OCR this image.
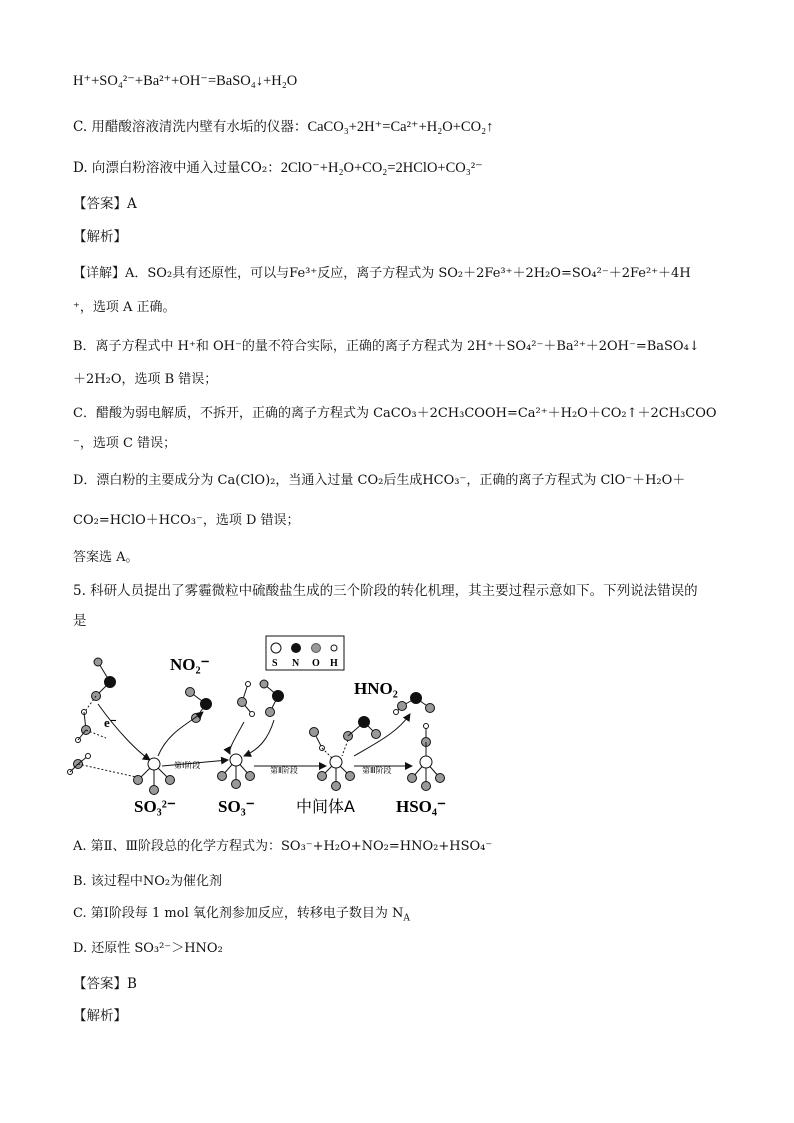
H⁺+SO₄²⁻+Ba²⁺+OH⁻=BaSO₄↓+H₂O
C. 用醋酸溶液清洗内壁有水垢的仪器：CaCO₃+2H⁺=Ca²⁺+H₂O+CO₂↑
D. 向漂白粉溶液中通入过量CO₂：2ClO⁻+H₂O+CO₂=2HClO+CO₃²⁻
【答案】A
【解析】
【详解】A．SO₂具有还原性，可以与Fe³⁺反应，离子方程式为 SO₂＋2Fe³⁺＋2H₂O=SO₄²⁻＋2Fe²⁺＋4H
⁺，选项 A 正确。
B．离子方程式中 H⁺和 OH⁻的量不符合实际，正确的离子方程式为 2H⁺＋SO₄²⁻＋Ba²⁺＋2OH⁻=BaSO₄↓
＋2H₂O，选项 B 错误；
C．醋酸为弱电解质，不拆开，正确的离子方程式为 CaCO₃＋2CH₃COOH=Ca²⁺＋H₂O＋CO₂↑＋2CH₃COO
⁻，选项 C 错误；
D．漂白粉的主要成分为 Ca(ClO)₂，当通入过量 CO₂后生成HCO₃⁻，正确的离子方程式为 ClO⁻＋H₂O＋
CO₂=HClO＋HCO₃⁻，选项 D 错误；
答案选 A。
5. 科研人员提出了雾霾微粒中硫酸盐生成的三个阶段的转化机理，其主要过程示意如下。下列说法错误的
是
S N O H
e⁻
NO₂⁻
第Ⅰ阶段
第Ⅱ阶段
HNO₂
第Ⅲ阶段
SO₃²⁻ SO₃⁻	中间体A HSO₄⁻
A. 第Ⅱ、Ⅲ阶段总的化学方程式为：SO₃⁻+H₂O+NO₂=HNO₂+HSO₄⁻
B. 该过程中NO₂为催化剂
C. 第Ⅰ阶段每 1 mol 氧化剂参加反应，转移电子数目为 $N_A$
D. 还原性 SO₃²⁻＞HNO₂
【答案】B
【解析】
